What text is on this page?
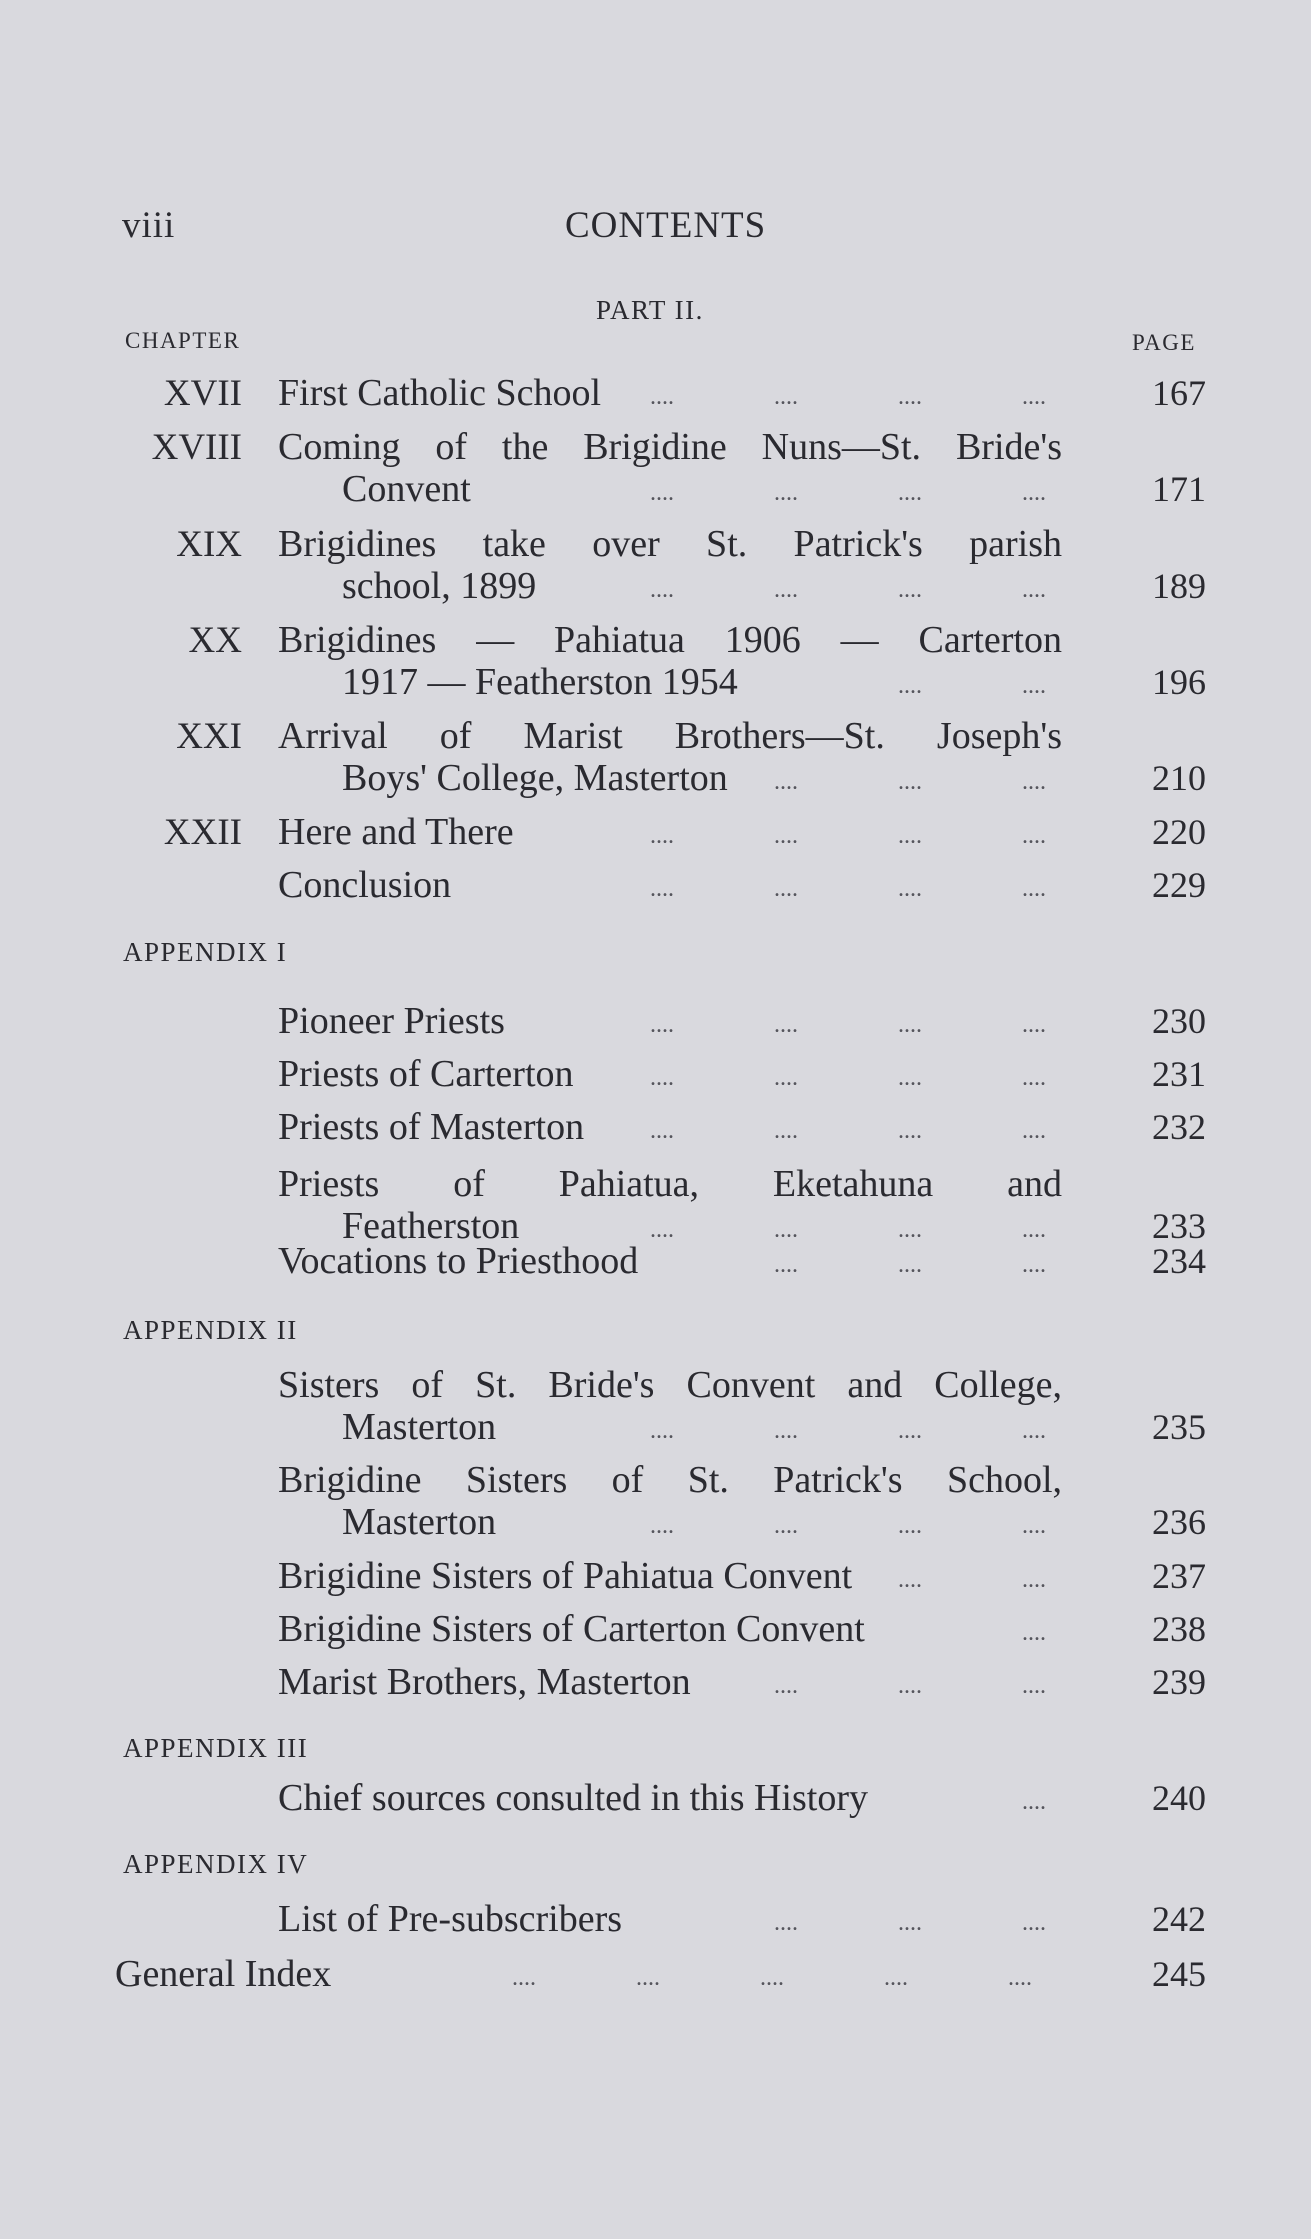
viii	CONTENTS
PART II.
CHAPTER	PAGE
XVII First Catholic School	167
XVIII Coming of the Brigidine Nuns—St. Bride's
Convent	171
XIX Brigidines take over St. Patrick's parish
school, 1899	189
XX Brigidines — Pahiatua 1906 — Carterton
1917 — Featherston 1954	196
XXI Arrival of Marist Brothers—St. Joseph's
Boys' College, Masterton	210
XXII Here and There	220
Conclusion	229
APPENDIX I
Pioneer Priests	230
Priests of Carterton	231
Priests of Masterton	232
Priests of Pahiatua, Eketahuna and
Featherston	233
Vocations to Priesthood	234
APPENDIX II
Sisters of St. Bride's Convent and College,
Masterton	235
Brigidine Sisters of St. Patrick's School,
Masterton	236
Brigidine Sisters of Pahiatua Convent	237
Brigidine Sisters of Carterton Convent	238
Marist Brothers, Masterton	239
APPENDIX III
Chief sources consulted in this History	240
APPENDIX IV
List of Pre-subscribers	242
General Index	245
....	....	....	....
....	....	....	....
....	....	....	....
....	....
....	....	....
....	....	....	....
....	....	....	....
....	....	....	....
....	....	....	....
....	....	....	....
....	....	....	....
....	....	....
....	....	....	....
....	....	....	....
....	....
....
....	....	....
....
....	....	....
....	....	....	....	....
